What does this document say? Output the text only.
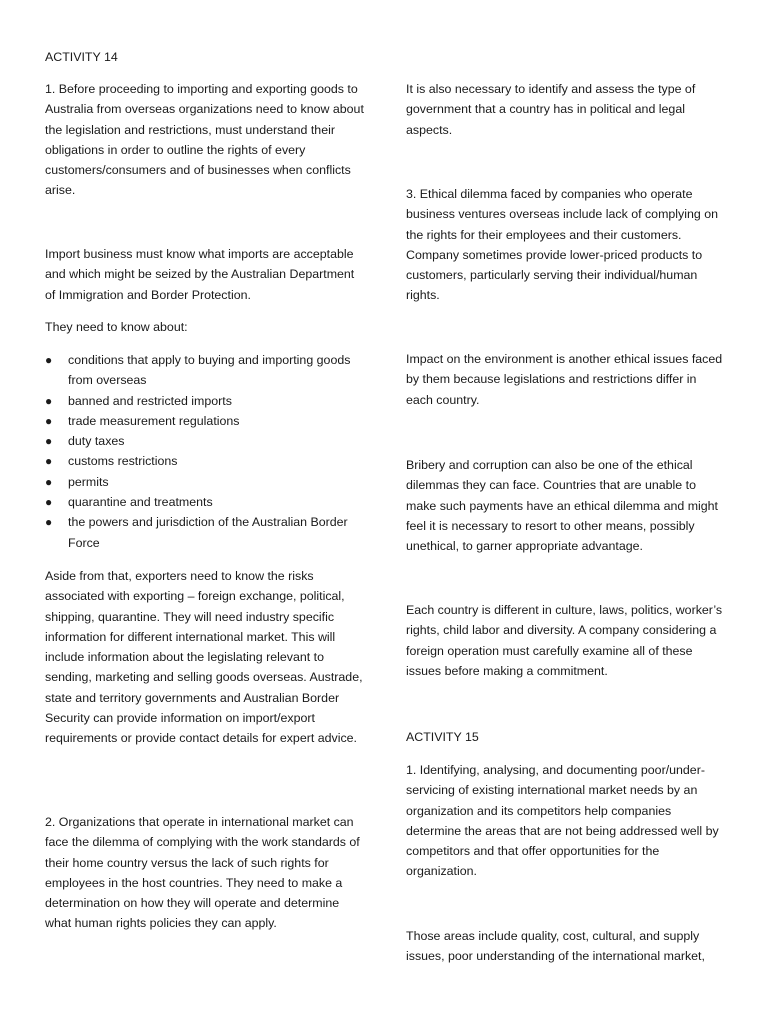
ACTIVITY 14

1. Before proceeding to importing and exporting goods to Australia from overseas organizations need to know about the legislation and restrictions, must understand their obligations in order to outline the rights of every customers/consumers and of businesses when conflicts arise.

Import business must know what imports are acceptable and which might be seized by the Australian Department of Immigration and Border Protection.

They need to know about:

● conditions that apply to buying and importing goods from overseas
● banned and restricted imports
● trade measurement regulations
● duty taxes
● customs restrictions
● permits
● quarantine and treatments
● the powers and jurisdiction of the Australian Border Force

Aside from that, exporters need to know the risks associated with exporting – foreign exchange, political, shipping, quarantine. They will need industry specific information for different international market. This will include information about the legislating relevant to sending, marketing and selling goods overseas. Austrade, state and territory governments and Australian Border Security can provide information on import/export requirements or provide contact details for expert advice.

2. Organizations that operate in international market can face the dilemma of complying with the work standards of their home country versus the lack of such rights for employees in the host countries. They need to make a determination on how they will operate and determine what human rights policies they can apply.

It is also necessary to identify and assess the type of government that a country has in political and legal aspects.

3. Ethical dilemma faced by companies who operate business ventures overseas include lack of complying on the rights for their employees and their customers. Company sometimes provide lower-priced products to customers, particularly serving their individual/human rights.

Impact on the environment is another ethical issues faced by them because legislations and restrictions differ in each country.

Bribery and corruption can also be one of the ethical dilemmas they can face. Countries that are unable to make such payments have an ethical dilemma and might feel it is necessary to resort to other means, possibly unethical, to garner appropriate advantage.

Each country is different in culture, laws, politics, worker’s rights, child labor and diversity. A company considering a foreign operation must carefully examine all of these issues before making a commitment.

ACTIVITY 15

1. Identifying, analysing, and documenting poor/under-servicing of existing international market needs by an organization and its competitors help companies determine the areas that are not being addressed well by competitors and that offer opportunities for the organization.

Those areas include quality, cost, cultural, and supply issues, poor understanding of the international market,
